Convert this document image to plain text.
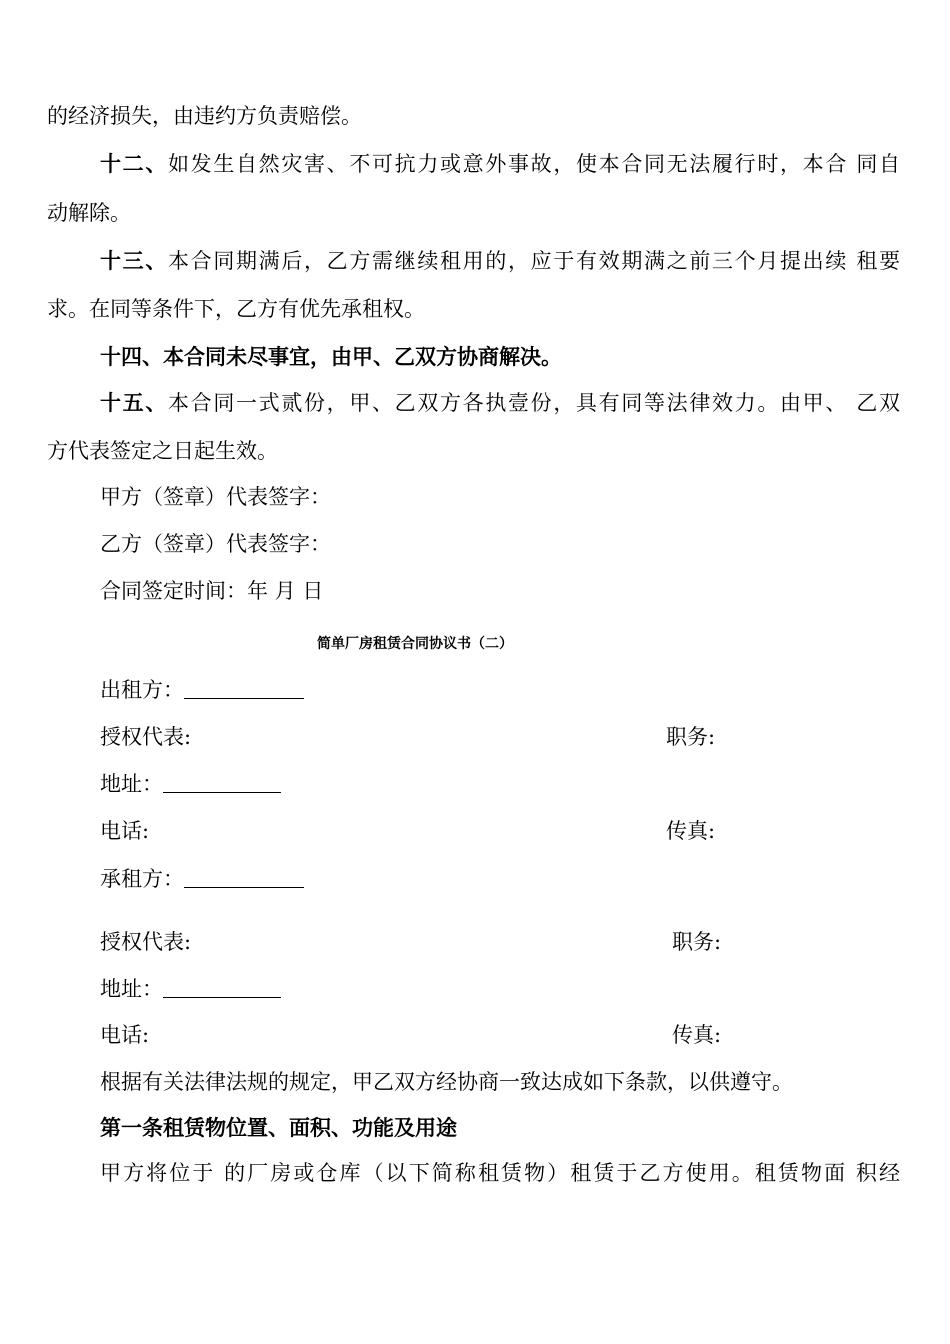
的经济损失，由违约方负责赔偿。
十二、如发生自然灾害、不可抗力或意外事故，使本合同无法履行时，本合 同自
动解除。
十三、本合同期满后，乙方需继续租用的，应于有效期满之前三个月提出续 租要
求。在同等条件下，乙方有优先承租权。
十四、本合同未尽事宜，由甲、乙双方协商解决。
十五、本合同一式贰份，甲、乙双方各执壹份，具有同等法律效力。由甲、 乙双
方代表签定之日起生效。
甲方（签章）代表签字：
乙方（签章）代表签字：
合同签定时间：年 月 日
简单厂房租赁合同协议书（二）
出租方：
授权代表:	职务:
地址：
电话:	传真:
承租方：
授权代表:	职务:
地址：
电话:	传真:
根据有关法律法规的规定，甲乙双方经协商一致达成如下条款，以供遵守。
第一条租赁物位置、面积、功能及用途
甲方将位于 的厂房或仓库（以下简称租赁物）租赁于乙方使用。租赁物面 积经
